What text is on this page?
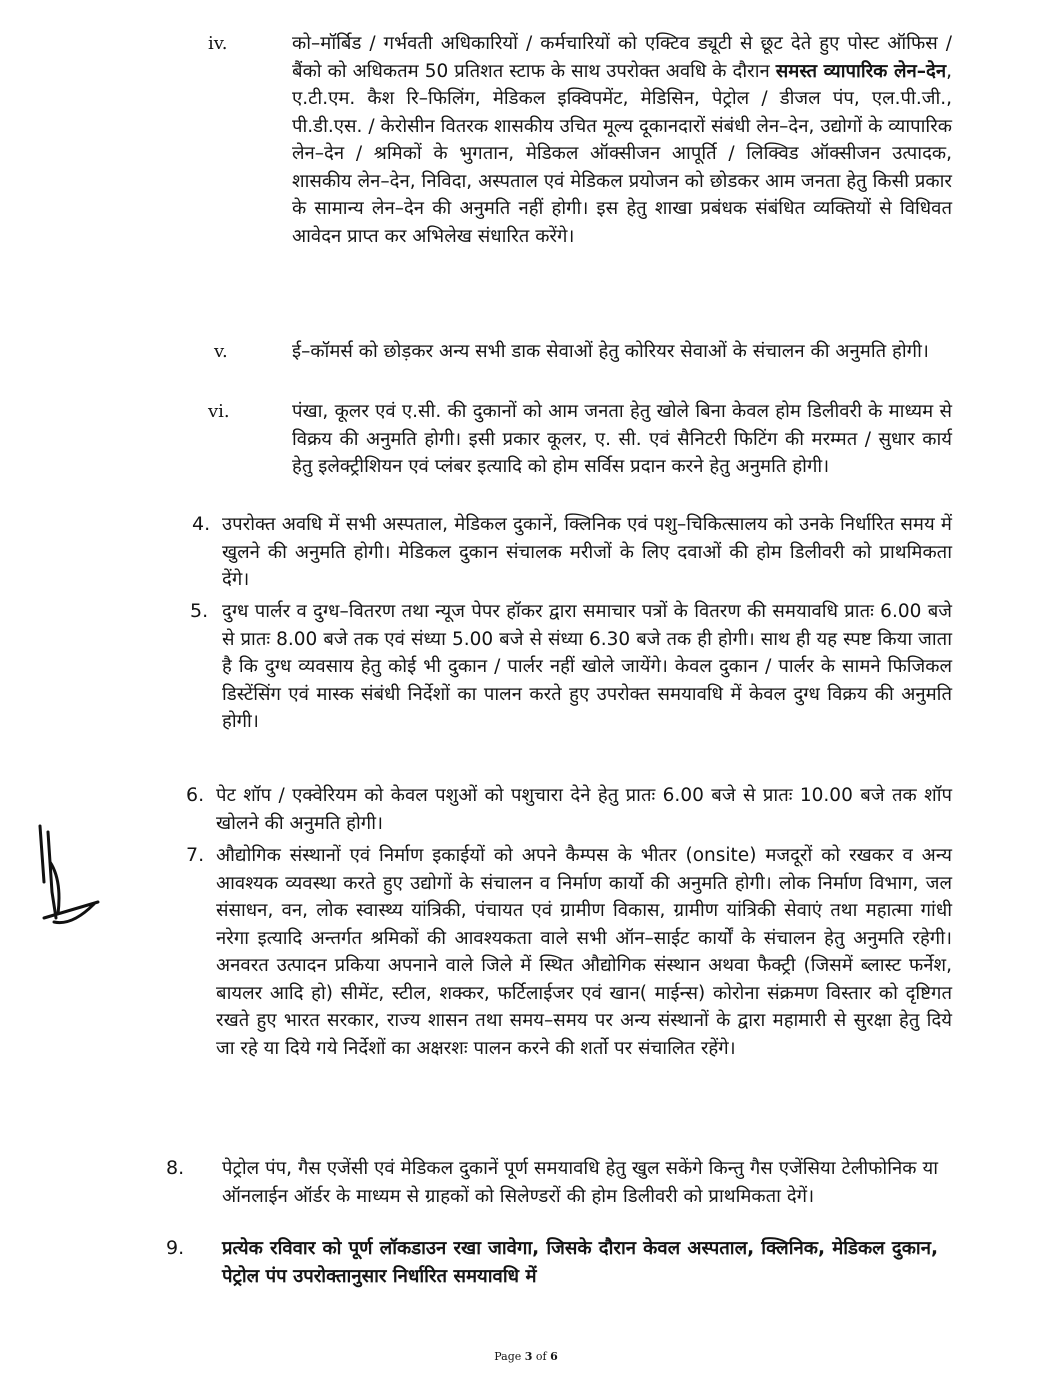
iv.	को–मॉर्बिड / गर्भवती अधिकारियों / कर्मचारियों को एक्टिव ड्यूटी से छूट देते हुए पोस्ट ऑफिस / बैंको को अधिकतम 50 प्रतिशत स्टाफ के साथ उपरोक्त अवधि के दौरान समस्त व्यापारिक लेन–देन, ए.टी.एम. कैश रि–फिलिंग, मेडिकल इक्विपमेंट, मेडिसिन, पेट्रोल / डीजल पंप, एल.पी.जी., पी.डी.एस. / केरोसीन वितरक शासकीय उचित मूल्य दूकानदारों संबंधी लेन–देन, उद्योगों के व्यापारिक लेन–देन / श्रमिकों के भुगतान, मेडिकल ऑक्सीजन आपूर्ति / लिक्विड ऑक्सीजन उत्पादक, शासकीय लेन–देन, निविदा, अस्पताल एवं मेडिकल प्रयोजन को छोडकर आम जनता हेतु किसी प्रकार के सामान्य लेन–देन की अनुमति नहीं होगी। इस हेतु शाखा प्रबंधक संबंधित व्यक्तियों से विधिवत आवेदन प्राप्त कर अभिलेख संधारित करेंगे।
v.	ई–कॉमर्स को छोड़कर अन्य सभी डाक सेवाओं हेतु कोरियर सेवाओं के संचालन की अनुमति होगी।
vi.	पंखा, कूलर एवं ए.सी. की दुकानों को आम जनता हेतु खोले बिना केवल होम डिलीवरी के माध्यम से विक्रय की अनुमति होगी। इसी प्रकार कूलर, ए. सी. एवं सैनिटरी फिटिंग की मरम्मत / सुधार कार्य हेतु इलेक्ट्रीशियन एवं प्लंबर इत्यादि को होम सर्विस प्रदान करने हेतु अनुमति होगी।
4. उपरोक्त अवधि में सभी अस्पताल, मेडिकल दुकानें, क्लिनिक एवं पशु–चिकित्सालय को उनके निर्धारित समय में खुलने की अनुमति होगी। मेडिकल दुकान संचालक मरीजों के लिए दवाओं की होम डिलीवरी को प्राथमिकता देंगे।
5. दुग्ध पार्लर व दुग्ध–वितरण तथा न्यूज पेपर हॉकर द्वारा समाचार पत्रों के वितरण की समयावधि प्रातः 6.00 बजे से प्रातः 8.00 बजे तक एवं संध्या 5.00 बजे से संध्या 6.30 बजे तक ही होगी। साथ ही यह स्पष्ट किया जाता है कि दुग्ध व्यवसाय हेतु कोई भी दुकान / पार्लर नहीं खोले जायेंगे। केवल दुकान / पार्लर के सामने फिजिकल डिस्टेंसिंग एवं मास्क संबंधी निर्देशों का पालन करते हुए उपरोक्त समयावधि में केवल दुग्ध विक्रय की अनुमति होगी।
6. पेट शॉप / एक्वेरियम को केवल पशुओं को पशुचारा देने हेतु प्रातः 6.00 बजे से प्रातः 10.00 बजे तक शॉप खोलने की अनुमति होगी।
7. औद्योगिक संस्थानों एवं निर्माण इकाईयों को अपने कैम्पस के भीतर (onsite) मजदूरों को रखकर व अन्य आवश्यक व्यवस्था करते हुए उद्योगों के संचालन व निर्माण कार्यो की अनुमति होगी। लोक निर्माण विभाग, जल संसाधन, वन, लोक स्वास्थ्य यांत्रिकी, पंचायत एवं ग्रामीण विकास, ग्रामीण यांत्रिकी सेवाएं तथा महात्मा गांधी नरेगा इत्यादि अन्तर्गत श्रमिकों की आवश्यकता वाले सभी ऑन–साईट कार्यों के संचालन हेतु अनुमति रहेगी। अनवरत उत्पादन प्रकिया अपनाने वाले जिले में स्थित औद्योगिक संस्थान अथवा फैक्ट्री (जिसमें ब्लास्ट फर्नेश, बायलर आदि हो) सीमेंट, स्टील, शक्कर, फर्टिलाईजर एवं खान( माईन्स) कोरोना संक्रमण विस्तार को दृष्टिगत रखते हुए भारत सरकार, राज्य शासन तथा समय–समय पर अन्य संस्थानों के द्वारा महामारी से सुरक्षा हेतु दिये जा रहे या दिये गये निर्देशों का अक्षरशः पालन करने की शर्तो पर संचालित रहेंगे।
8. पेट्रोल पंप, गैस एजेंसी एवं मेडिकल दुकानें पूर्ण समयावधि हेतु खुल सकेंगे किन्तु गैस एजेंसिया टेलीफोनिक या ऑनलाईन ऑर्डर के माध्यम से ग्राहकों को सिलेण्डरों की होम डिलीवरी को प्राथमिकता देगें।
9. प्रत्येक रविवार को पूर्ण लॉकडाउन रखा जावेगा, जिसके दौरान केवल अस्पताल, क्लिनिक, मेडिकल दुकान, पेट्रोल पंप उपरोक्तानुसार निर्धारित समयावधि में
Page 3 of 6
